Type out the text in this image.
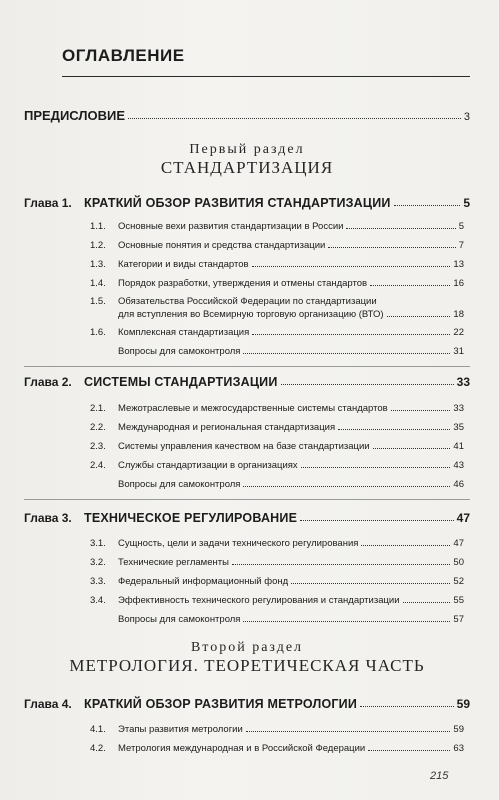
ОГЛАВЛЕНИЕ
ПРЕДИСЛОВИЕ	3
Первый раздел
СТАНДАРТИЗАЦИЯ
Глава 1. КРАТКИЙ ОБЗОР РАЗВИТИЯ СТАНДАРТИЗАЦИИ	5
1.1.	Основные вехи развития стандартизации в России	5
1.2.	Основные понятия и средства стандартизации	7
1.3.	Категории и виды стандартов	13
1.4.	Порядок разработки, утверждения и отмены стандартов	16
1.5.	Обязательства Российской Федерации по стандартизации
для вступления во Всемирную торговую организацию (ВТО)	18
1.6.	Комплексная стандартизация	22
Вопросы для самоконтроля	31
Глава 2. СИСТЕМЫ СТАНДАРТИЗАЦИИ	33
2.1.	Межотраслевые и межгосударственные системы стандартов	33
2.2.	Международная и региональная стандартизация	35
2.3.	Системы управления качеством на базе стандартизации	41
2.4.	Службы стандартизации в организациях	43
Вопросы для самоконтроля	46
Глава 3. ТЕХНИЧЕСКОЕ РЕГУЛИРОВАНИЕ	47
3.1.	Сущность, цели и задачи технического регулирования	47
3.2.	Технические регламенты	50
3.3.	Федеральный информационный фонд	52
3.4.	Эффективность технического регулирования и стандартизации	55
Вопросы для самоконтроля	57
Второй раздел
МЕТРОЛОГИЯ. ТЕОРЕТИЧЕСКАЯ ЧАСТЬ
Глава 4. КРАТКИЙ ОБЗОР РАЗВИТИЯ МЕТРОЛОГИИ	59
4.1.	Этапы развития метрологии	59
4.2.	Метрология международная и в Российской Федерации	63
215
